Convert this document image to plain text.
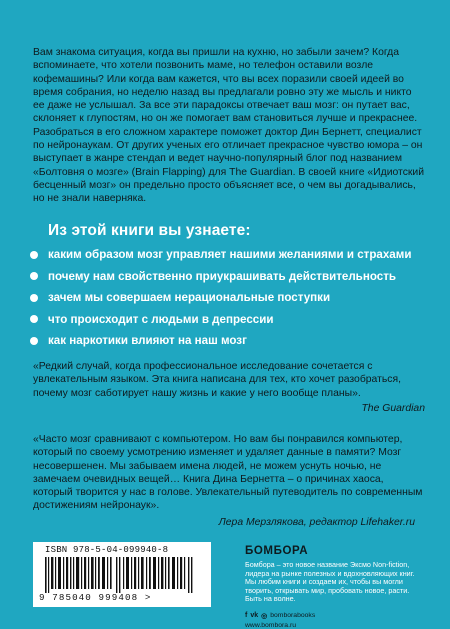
Вам знакома ситуация, когда вы пришли на кухню, но забыли зачем? Когда вспоминаете, что хотели позвонить маме, но телефон оставили возле кофемашины? Или когда вам кажется, что вы всех поразили своей идеей во время собрания, но неделю назад вы предлагали ровно эту же мысль и никто ее даже не услышал. За все эти парадоксы отвечает ваш мозг: он путает вас, склоняет к глупостям, но он же помогает вам становиться лучше и прекраснее. Разобраться в его сложном характере поможет доктор Дин Бернетт, специалист по нейронаукам. От других ученых его отличает прекрасное чувство юмора – он выступает в жанре стендап и ведет научно-популярный блог под названием «Болтовня о мозге» (Brain Flapping) для The Guardian. В своей книге «Идиотский бесценный мозг» он предельно просто объясняет все, о чем вы догадывались, но не знали наверняка.

Из этой книги вы узнаете:
каким образом мозг управляет нашими желаниями и страхами
почему нам свойственно приукрашивать действительность
зачем мы совершаем нерациональные поступки
что происходит с людьми в депрессии
как наркотики влияют на наш мозг

«Редкий случай, когда профессиональное исследование сочетается с увлекательным языком. Эта книга написана для тех, кто хочет разобраться, почему мозг саботирует нашу жизнь и какие у него вообще планы».

The Guardian

«Часто мозг сравнивают с компьютером. Но вам бы понравился компьютер, который по своему усмотрению изменяет и удаляет данные в памяти? Мозг несовершенен. Мы забываем имена людей, не можем уснуть ночью, не замечаем очевидных вещей… Книга Дина Бернетта – о причинах хаоса, который творится у нас в голове. Увлекательный путеводитель по современным достижениям нейронаук».

Лера Мерзлякова, редактор Lifehaker.ru

ISBN 978-5-04-099940-8
9 785040 999408 >
БОМБОРА

Бомбора – это новое название Эксмо Non-fiction, лидера на рынке полезных и вдохновляющих книг. Мы любим книги и создаем их, чтобы вы могли творить, открывать мир, пробовать новое, расти. Быть на волне.

f vk ◎ bomborabooks
www.bombora.ru
